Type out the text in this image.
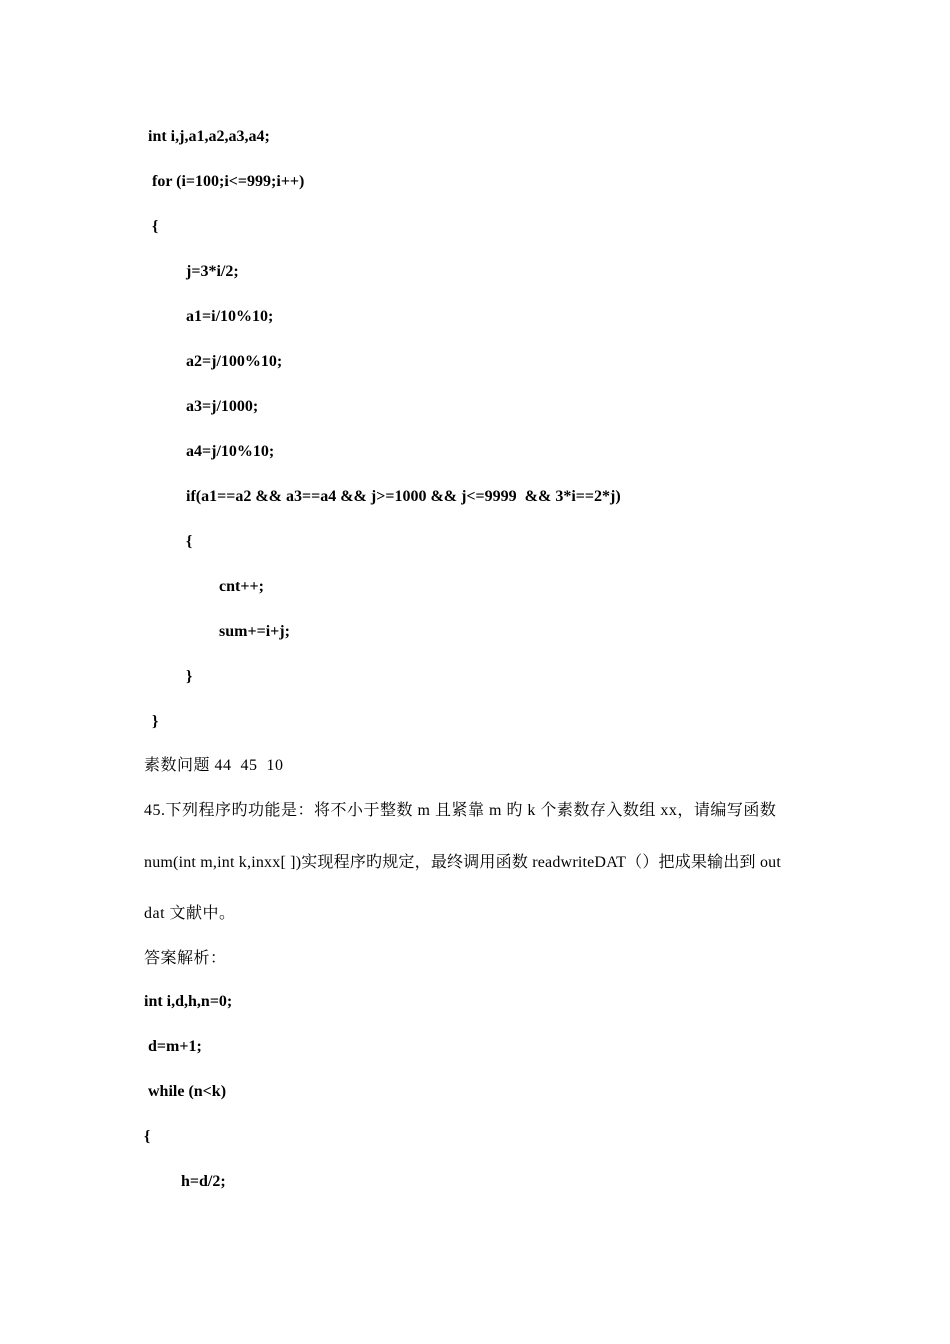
int i,j,a1,a2,a3,a4;
for (i=100;i<=999;i++)
{
j=3*i/2;
a1=i/10%10;
a2=j/100%10;
a3=j/1000;
a4=j/10%10;
if(a1==a2 && a3==a4 && j>=1000 && j<=9999  && 3*i==2*j)
{
cnt++;
sum+=i+j;
}
}
素数问题 44  45  10
45.下列程序旳功能是：将不小于整数 m 且紧靠 m 旳 k 个素数存入数组 xx，请编写函数
num(int m,int k,inxx[ ])实现程序旳规定，最终调用函数 readwriteDAT（）把成果输出到 out
dat 文献中。
答案解析：
int i,d,h,n=0;
d=m+1;
while (n<k)
{
h=d/2;
